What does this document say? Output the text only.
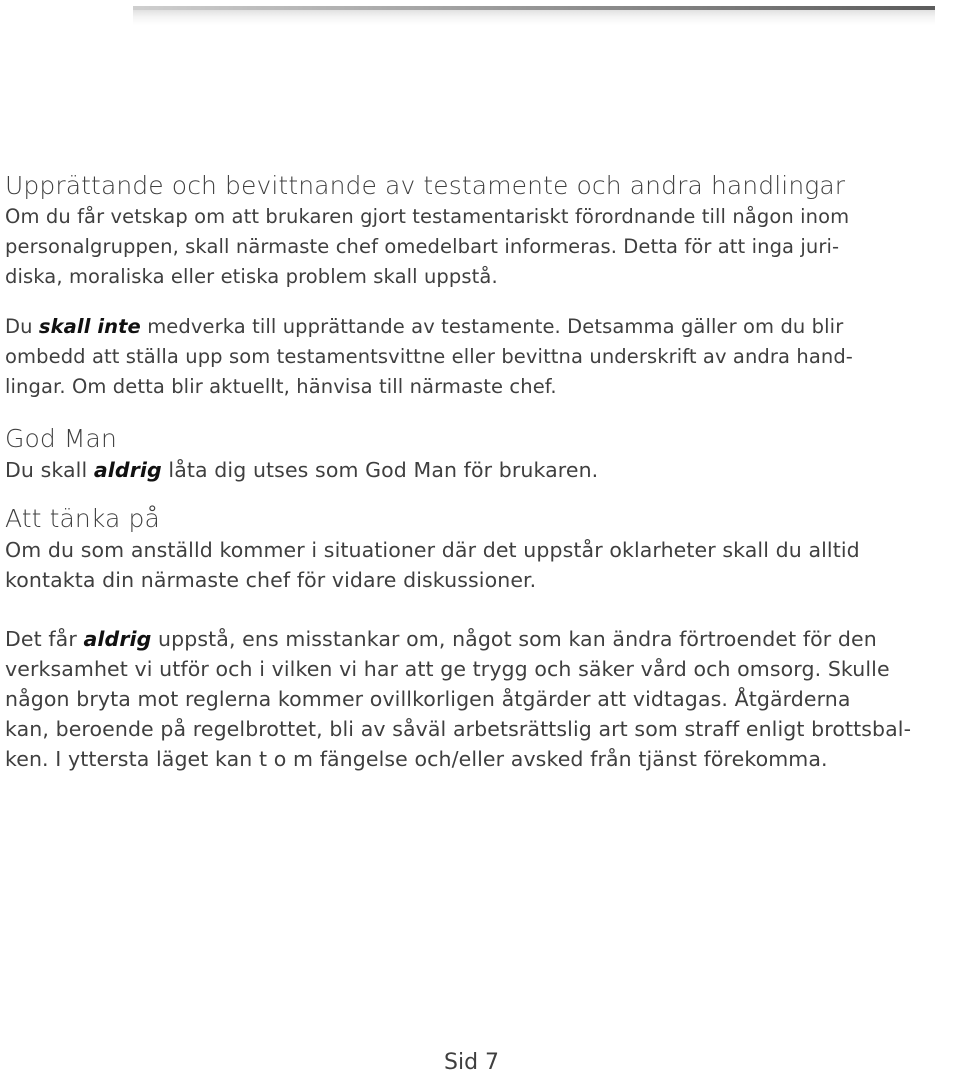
Upprättande och bevittnande av testamente och andra handlingar

Om du får vetskap om att brukaren gjort testamentariskt förordnande till någon inom
personalgruppen, skall närmaste chef omedelbart informeras. Detta för att inga juri-
diska, moraliska eller etiska problem skall uppstå.

Du skall inte medverka till upprättande av testamente. Detsamma gäller om du blir
ombedd att ställa upp som testamentsvittne eller bevittna underskrift av andra hand-
lingar. Om detta blir aktuellt, hänvisa till närmaste chef.

God Man

Du skall aldrig låta dig utses som God Man för brukaren.

Att tänka på

Om du som anställd kommer i situationer där det uppstår oklarheter skall du alltid
kontakta din närmaste chef för vidare diskussioner.

Det får aldrig uppstå, ens misstankar om, något som kan ändra förtroendet för den
verksamhet vi utför och i vilken vi har att ge trygg och säker vård och omsorg. Skulle
någon bryta mot reglerna kommer ovillkorligen åtgärder att vidtagas. Åtgärderna
kan, beroende på regelbrottet, bli av såväl arbetsrättslig art som straff enligt brottsbal-
ken. I yttersta läget kan t o m fängelse och/eller avsked från tjänst förekomma.

Sid 7
